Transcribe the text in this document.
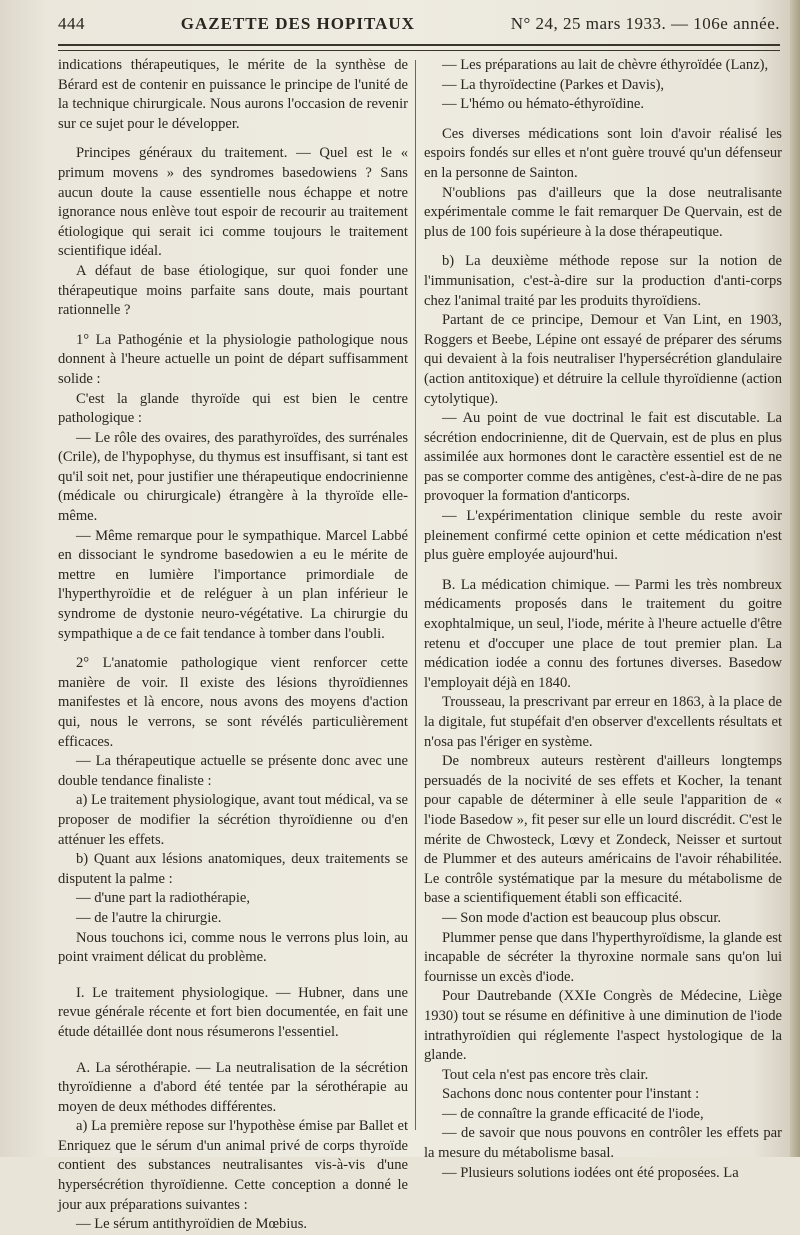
444	GAZETTE DES HOPITAUX	N° 24, 25 mars 1933. — 106e année.

indications thérapeutiques, le mérite de la synthèse de Bérard est de contenir en puissance le principe de l'unité de la technique chirurgicale. Nous aurons l'occasion de revenir sur ce sujet pour le développer.

Principes généraux du traitement. — Quel est le « primum movens » des syndromes basedowiens ? Sans aucun doute la cause essentielle nous échappe et notre ignorance nous enlève tout espoir de recourir au traitement étiologique qui serait ici comme toujours le traitement scientifique idéal.

A défaut de base étiologique, sur quoi fonder une thérapeutique moins parfaite sans doute, mais pourtant rationnelle ?

1° La Pathogénie et la physiologie pathologique nous donnent à l'heure actuelle un point de départ suffisamment solide :

C'est la glande thyroïde qui est bien le centre pathologique :

— Le rôle des ovaires, des parathyroïdes, des surrénales (Crile), de l'hypophyse, du thymus est insuffisant, si tant est qu'il soit net, pour justifier une thérapeutique endocrinienne (médicale ou chirurgicale) étrangère à la thyroïde elle-même.

— Même remarque pour le sympathique. Marcel Labbé en dissociant le syndrome basedowien a eu le mérite de mettre en lumière l'importance primordiale de l'hyperthyroïdie et de reléguer à un plan inférieur le syndrome de dystonie neuro-végétative. La chirurgie du sympathique a de ce fait tendance à tomber dans l'oubli.

2° L'anatomie pathologique vient renforcer cette manière de voir. Il existe des lésions thyroïdiennes manifestes et là encore, nous avons des moyens d'action qui, nous le verrons, se sont révélés particulièrement efficaces.

— La thérapeutique actuelle se présente donc avec une double tendance finaliste :

a) Le traitement physiologique, avant tout médical, va se proposer de modifier la sécrétion thyroïdienne ou d'en atténuer les effets.

b) Quant aux lésions anatomiques, deux traitements se disputent la palme :

— d'une part la radiothérapie,

— de l'autre la chirurgie.

Nous touchons ici, comme nous le verrons plus loin, au point vraiment délicat du problème.

I. Le traitement physiologique. — Hubner, dans une revue générale récente et fort bien documentée, en fait une étude détaillée dont nous résumerons l'essentiel.

A. La sérothérapie. — La neutralisation de la sécrétion thyroïdienne a d'abord été tentée par la sérothérapie au moyen de deux méthodes différentes.

a) La première repose sur l'hypothèse émise par Ballet et Enriquez que le sérum d'un animal privé de corps thyroïde contient des substances neutralisantes vis-à-vis d'une hypersécrétion thyroïdienne. Cette conception a donné le jour aux préparations suivantes :

— Le sérum antithyroïdien de Mœbius.

— Les préparations au lait de chèvre éthyroïdée (Lanz),

— La thyroïdectine (Parkes et Davis),

— L'hémo ou hémato-éthyroïdine.

Ces diverses médications sont loin d'avoir réalisé les espoirs fondés sur elles et n'ont guère trouvé qu'un défenseur en la personne de Sainton.

N'oublions pas d'ailleurs que la dose neutralisante expérimentale comme le fait remarquer De Quervain, est de plus de 100 fois supérieure à la dose thérapeutique.

b) La deuxième méthode repose sur la notion de l'immunisation, c'est-à-dire sur la production d'anti-corps chez l'animal traité par les produits thyroïdiens.

Partant de ce principe, Demour et Van Lint, en 1903, Roggers et Beebe, Lépine ont essayé de préparer des sérums qui devaient à la fois neutraliser l'hypersécrétion glandulaire (action antitoxique) et détruire la cellule thyroïdienne (action cytolytique).

— Au point de vue doctrinal le fait est discutable. La sécrétion endocrinienne, dit de Quervain, est de plus en plus assimilée aux hormones dont le caractère essentiel est de ne pas se comporter comme des antigènes, c'est-à-dire de ne pas provoquer la formation d'anticorps.

— L'expérimentation clinique semble du reste avoir pleinement confirmé cette opinion et cette médication n'est plus guère employée aujourd'hui.

B. La médication chimique. — Parmi les très nombreux médicaments proposés dans le traitement du goitre exophtalmique, un seul, l'iode, mérite à l'heure actuelle d'être retenu et d'occuper une place de tout premier plan. La médication iodée a connu des fortunes diverses. Basedow l'employait déjà en 1840.

Trousseau, la prescrivant par erreur en 1863, à la place de la digitale, fut stupéfait d'en observer d'excellents résultats et n'osa pas l'ériger en système.

De nombreux auteurs restèrent d'ailleurs longtemps persuadés de la nocivité de ses effets et Kocher, la tenant pour capable de déterminer à elle seule l'apparition de « l'iode Basedow », fit peser sur elle un lourd discrédit. C'est le mérite de Chwosteck, Lœvy et Zondeck, Neisser et surtout de Plummer et des auteurs américains de l'avoir réhabilitée. Le contrôle systématique par la mesure du métabolisme de base a scientifiquement établi son efficacité.

— Son mode d'action est beaucoup plus obscur.

Plummer pense que dans l'hyperthyroïdisme, la glande est incapable de sécréter la thyroxine normale sans qu'on lui fournisse un excès d'iode.

Pour Dautrebande (XXIe Congrès de Médecine, Liège 1930) tout se résume en définitive à une diminution de l'iode intrathyroïdien qui réglemente l'aspect hystologique de la glande.

Tout cela n'est pas encore très clair.

Sachons donc nous contenter pour l'instant :

— de connaître la grande efficacité de l'iode,

— de savoir que nous pouvons en contrôler les effets par la mesure du métabolisme basal.

— Plusieurs solutions iodées ont été proposées. La
